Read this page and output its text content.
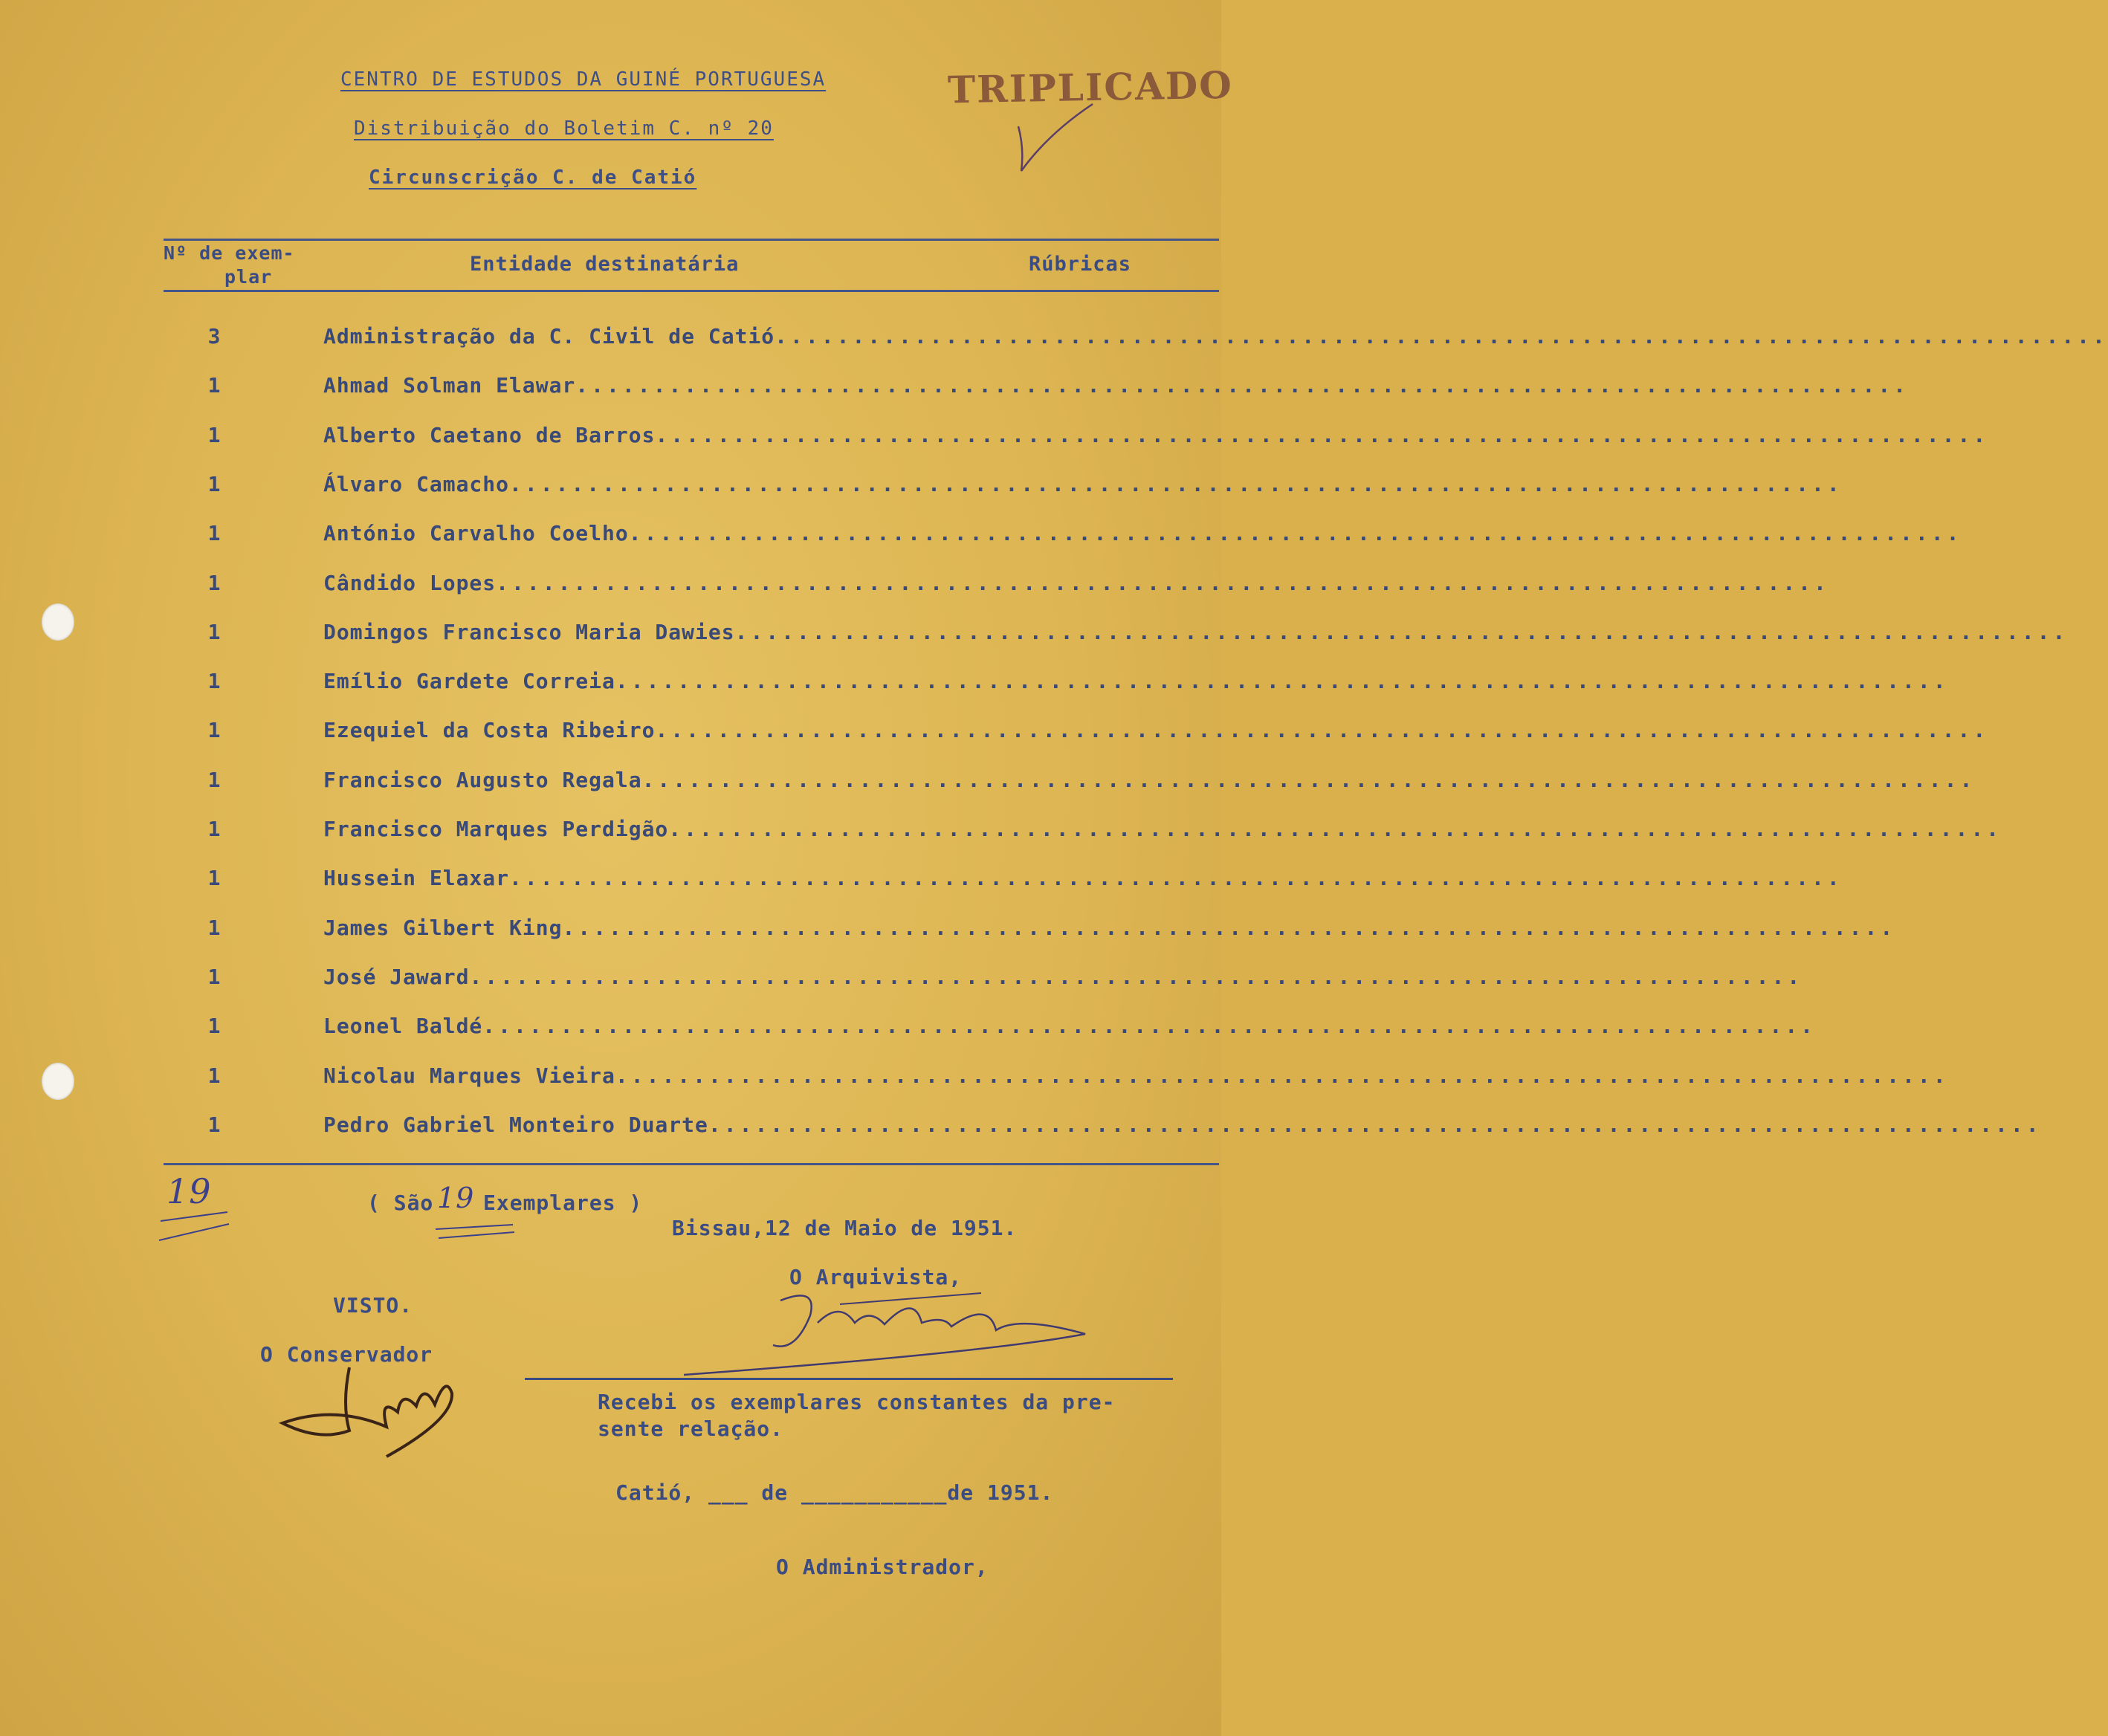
CENTRO DE ESTUDOS DA GUINÉ PORTUGUESA
Distribuição do Boletim C. nº 20
Circunscrição C. de Catió
TRIPLICADO
Nº de exem-
plar
Entidade destinatária	Rúbricas
3	Administração da C. Civil de Catió......................................................................................
1	Ahmad Solman Elawar......................................................................................
1	Alberto Caetano de Barros......................................................................................
1	Álvaro Camacho......................................................................................
1	António Carvalho Coelho......................................................................................
1	Cândido Lopes......................................................................................
1	Domingos Francisco Maria Dawies......................................................................................
1	Emílio Gardete Correia......................................................................................
1	Ezequiel da Costa Ribeiro......................................................................................
1	Francisco Augusto Regala......................................................................................
1	Francisco Marques Perdigão......................................................................................
1	Hussein Elaxar......................................................................................
1	James Gilbert King......................................................................................
1	José Jaward......................................................................................
1	Leonel Baldé......................................................................................
1	Nicolau Marques Vieira......................................................................................
1	Pedro Gabriel Monteiro Duarte......................................................................................
19	( São 19 Exemplares )
Bissau,12 de Maio de 1951.
O Arquivista,
VISTO.
O Conservador
Recebi os exemplares constantes da pre-
sente relação.
Catió, ___ de ___________de 1951.
O Administrador,
